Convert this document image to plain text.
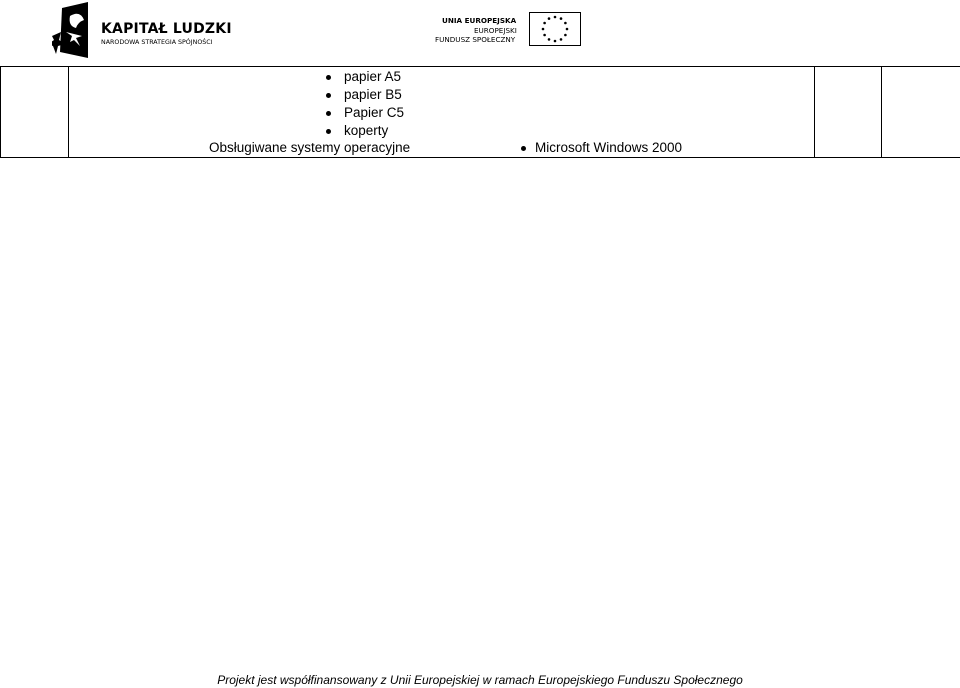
KAPITAŁ LUDZKI
NARODOWA STRATEGIA SPÓJNOŚCI
UNIA EUROPEJSKA
EUROPEJSKI
FUNDUSZ SPOŁECZNY

papier A5
papier B5
Papier C5
koperty
Obsługiwane systemy operacyjne	Microsoft Windows 2000

Projekt jest współfinansowany z Unii Europejskiej w ramach Europejskiego Funduszu Społecznego
